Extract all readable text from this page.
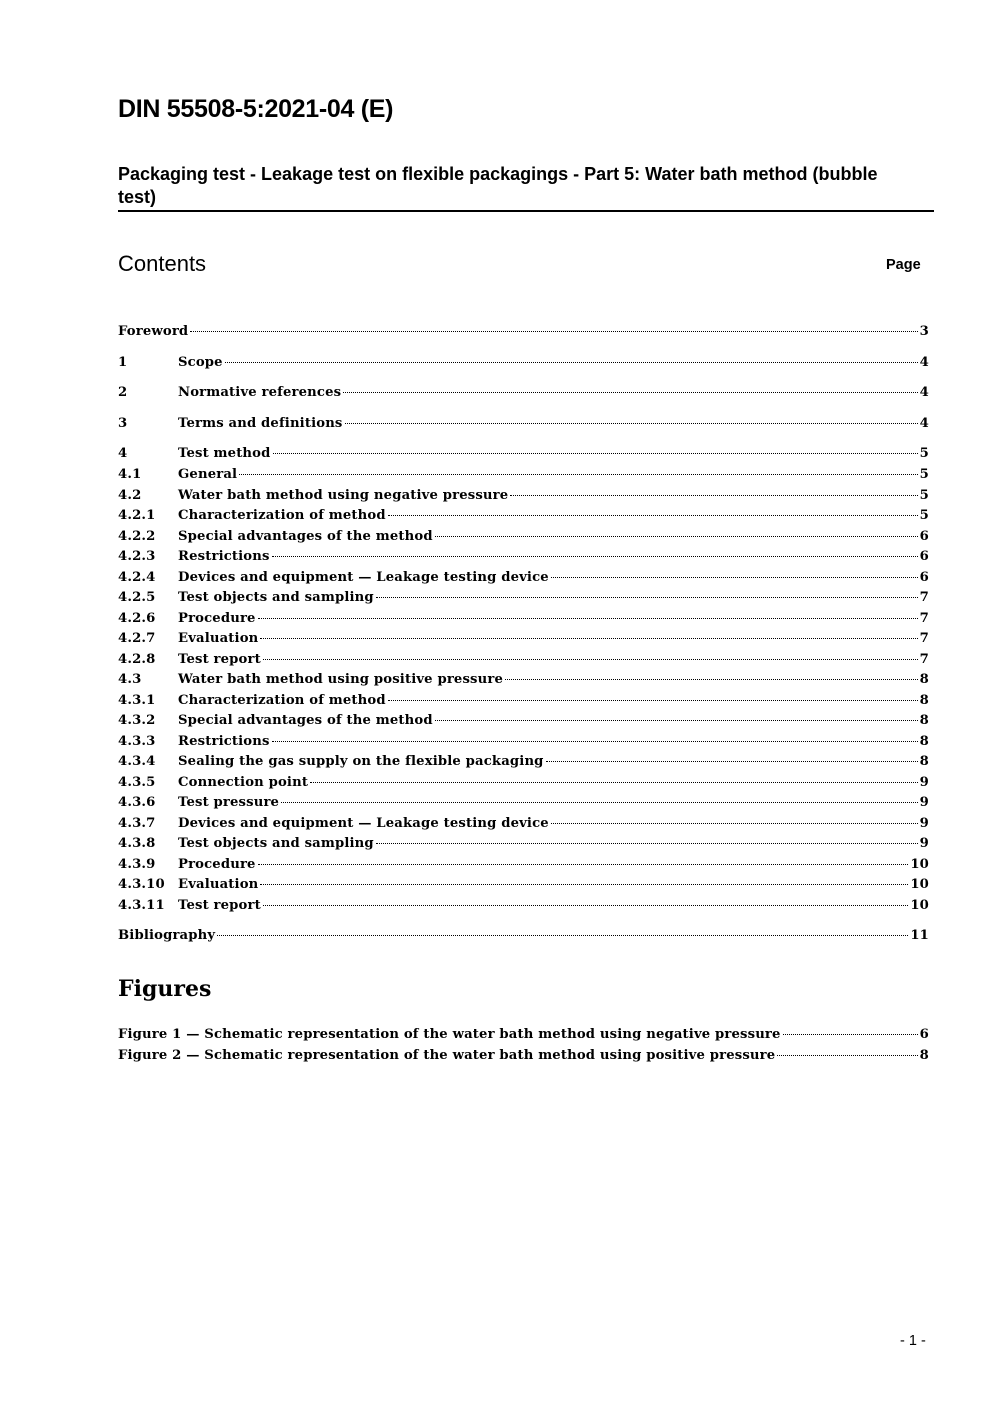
DIN 55508-5:2021-04 (E)
Packaging test - Leakage test on flexible packagings - Part 5: Water bath method (bubble test)
Contents	Page
Foreword	3
1	Scope	4
2	Normative references	4
3	Terms and definitions	4
4	Test method	5
4.1	General	5
4.2	Water bath method using negative pressure	5
4.2.1	Characterization of method	5
4.2.2	Special advantages of the method	6
4.2.3	Restrictions	6
4.2.4	Devices and equipment — Leakage testing device	6
4.2.5	Test objects and sampling	7
4.2.6	Procedure	7
4.2.7	Evaluation	7
4.2.8	Test report	7
4.3	Water bath method using positive pressure	8
4.3.1	Characterization of method	8
4.3.2	Special advantages of the method	8
4.3.3	Restrictions	8
4.3.4	Sealing the gas supply on the flexible packaging	8
4.3.5	Connection point	9
4.3.6	Test pressure	9
4.3.7	Devices and equipment — Leakage testing device	9
4.3.8	Test objects and sampling	9
4.3.9	Procedure	10
4.3.10	Evaluation	10
4.3.11	Test report	10
Bibliography	11
Figures
Figure 1 — Schematic representation of the water bath method using negative pressure	6
Figure 2 — Schematic representation of the water bath method using positive pressure	8
- 1 -
